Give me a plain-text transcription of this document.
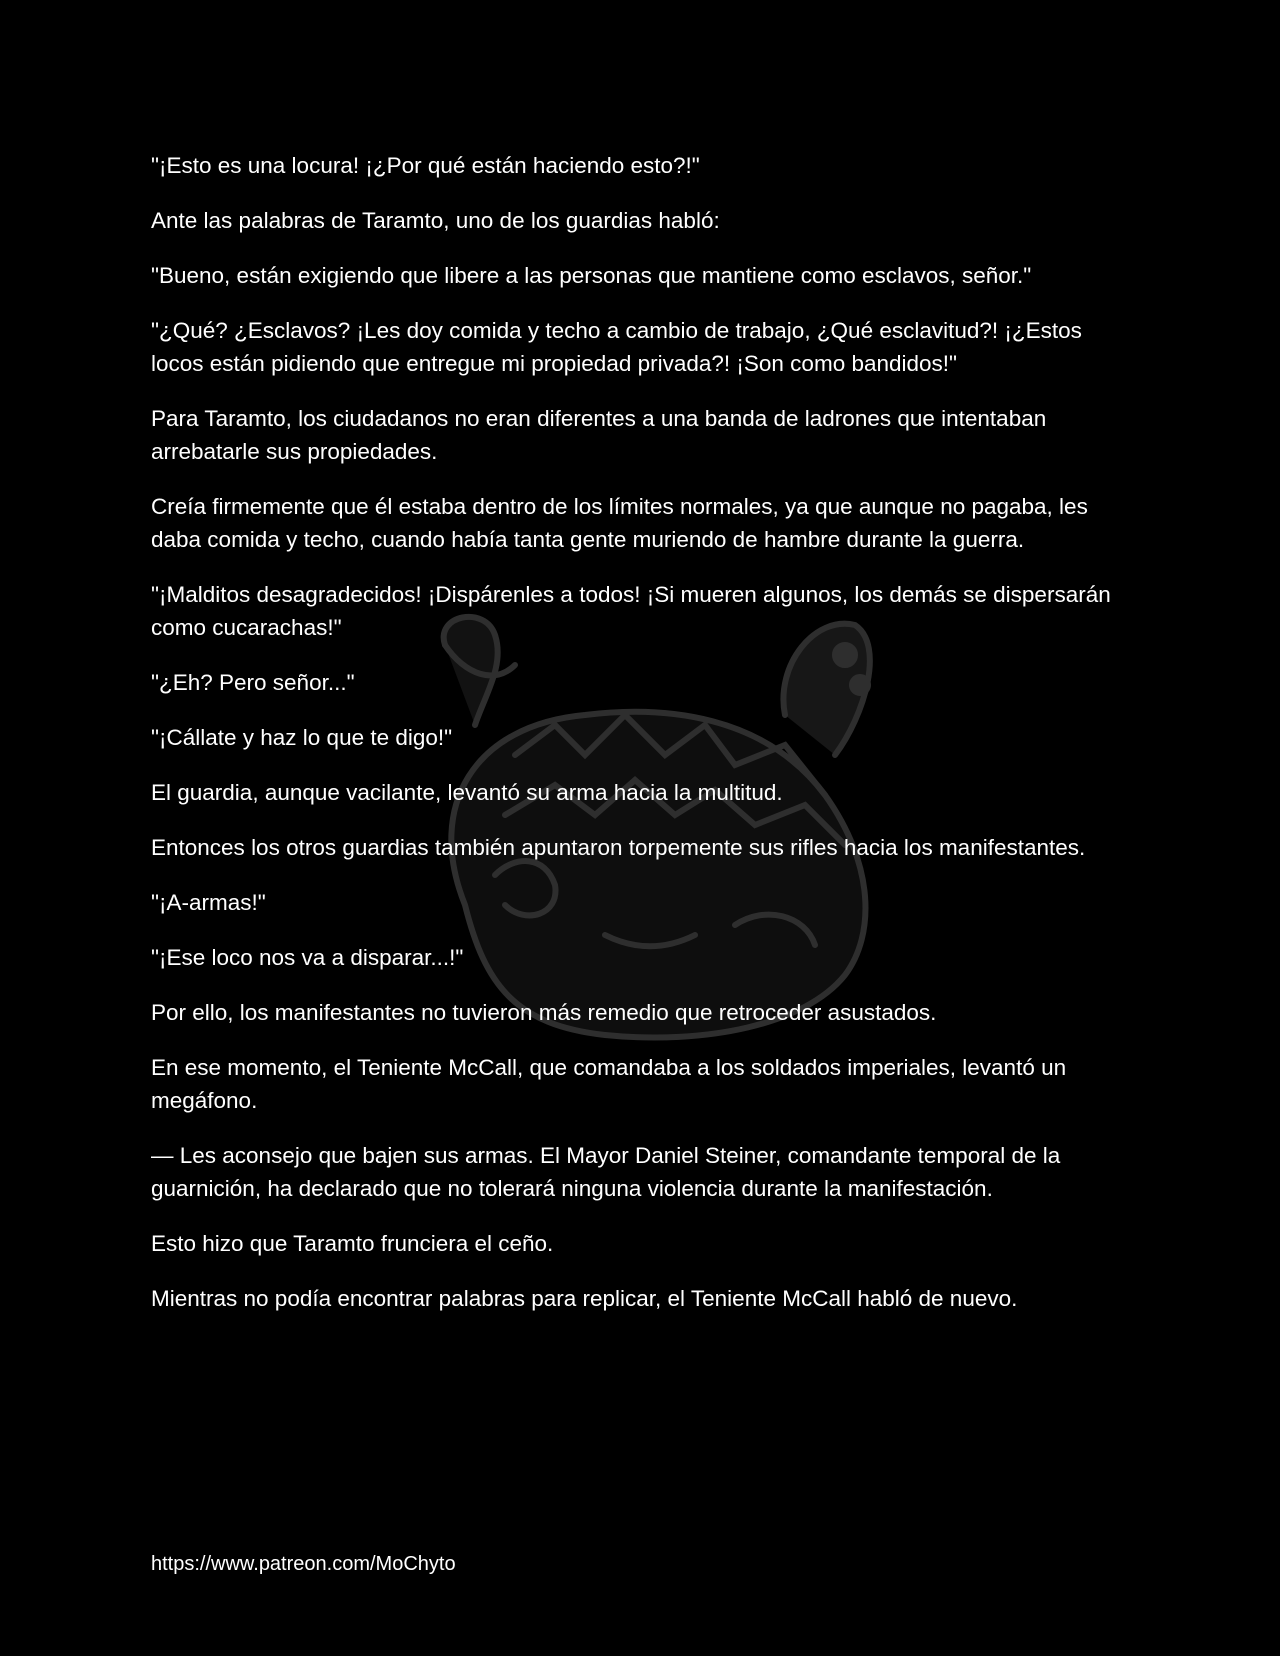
"¡Esto es una locura! ¡¿Por qué están haciendo esto?!"

Ante las palabras de Taramto, uno de los guardias habló:

"Bueno, están exigiendo que libere a las personas que mantiene como esclavos, señor."

"¿Qué? ¿Esclavos? ¡Les doy comida y techo a cambio de trabajo, ¿Qué esclavitud?! ¡¿Estos locos están pidiendo que entregue mi propiedad privada?! ¡Son como bandidos!"

Para Taramto, los ciudadanos no eran diferentes a una banda de ladrones que intentaban arrebatarle sus propiedades.

Creía firmemente que él estaba dentro de los límites normales, ya que aunque no pagaba, les daba comida y techo, cuando había tanta gente muriendo de hambre durante la guerra.

"¡Malditos desagradecidos! ¡Dispárenles a todos! ¡Si mueren algunos, los demás se dispersarán como cucarachas!"

"¿Eh? Pero señor..."

"¡Cállate y haz lo que te digo!"

El guardia, aunque vacilante, levantó su arma hacia la multitud.

Entonces los otros guardias también apuntaron torpemente sus rifles hacia los manifestantes.

"¡A-armas!"

"¡Ese loco nos va a disparar...!"

Por ello, los manifestantes no tuvieron más remedio que retroceder asustados.

En ese momento, el Teniente McCall, que comandaba a los soldados imperiales, levantó un megáfono.

— Les aconsejo que bajen sus armas. El Mayor Daniel Steiner, comandante temporal de la guarnición, ha declarado que no tolerará ninguna violencia durante la manifestación.

Esto hizo que Taramto frunciera el ceño.

Mientras no podía encontrar palabras para replicar, el Teniente McCall habló de nuevo.

https://www.patreon.com/MoChyto
